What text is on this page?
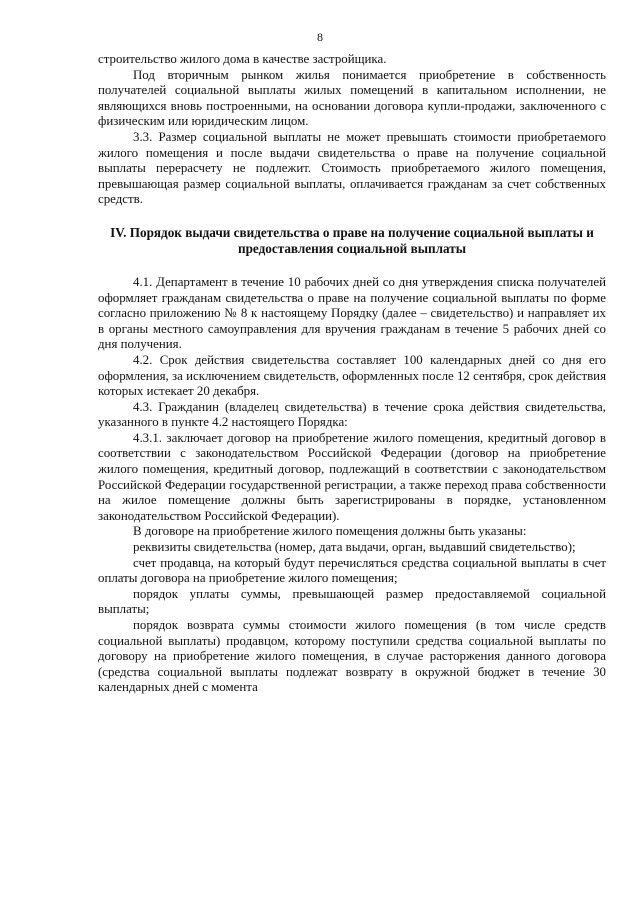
8

строительство жилого дома в качестве застройщика.

Под вторичным рынком жилья понимается приобретение в собственность получателей социальной выплаты жилых помещений в капитальном исполнении, не являющихся вновь построенными, на основании договора купли-продажи, заключенного с физическим или юридическим лицом.

3.3. Размер социальной выплаты не может превышать стоимости приобретаемого жилого помещения и после выдачи свидетельства о праве на получение социальной выплаты перерасчету не подлежит. Стоимость приобретаемого жилого помещения, превышающая размер социальной выплаты, оплачивается гражданам за счет собственных средств.

IV. Порядок выдачи свидетельства о праве на получение социальной выплаты и предоставления социальной выплаты

4.1. Департамент в течение 10 рабочих дней со дня утверждения списка получателей оформляет гражданам свидетельства о праве на получение социальной выплаты по форме согласно приложению № 8 к настоящему Порядку (далее – свидетельство) и направляет их в органы местного самоуправления для вручения гражданам в течение 5 рабочих дней со дня получения.

4.2. Срок действия свидетельства составляет 100 календарных дней со дня его оформления, за исключением свидетельств, оформленных после 12 сентября, срок действия которых истекает 20 декабря.

4.3. Гражданин (владелец свидетельства) в течение срока действия свидетельства, указанного в пункте 4.2 настоящего Порядка:

4.3.1. заключает договор на приобретение жилого помещения, кредитный договор в соответствии с законодательством Российской Федерации (договор на приобретение жилого помещения, кредитный договор, подлежащий в соответствии с законодательством Российской Федерации государственной регистрации, а также переход права собственности на жилое помещение должны быть зарегистрированы в порядке, установленном законодательством Российской Федерации).

В договоре на приобретение жилого помещения должны быть указаны:

реквизиты свидетельства (номер, дата выдачи, орган, выдавший свидетельство);

счет продавца, на который будут перечисляться средства социальной выплаты в счет оплаты договора на приобретение жилого помещения;

порядок уплаты суммы, превышающей размер предоставляемой социальной выплаты;

порядок возврата суммы стоимости жилого помещения (в том числе средств социальной выплаты) продавцом, которому поступили средства социальной выплаты по договору на приобретение жилого помещения, в случае расторжения данного договора (средства социальной выплаты подлежат возврату в окружной бюджет в течение 30 календарных дней с момента
